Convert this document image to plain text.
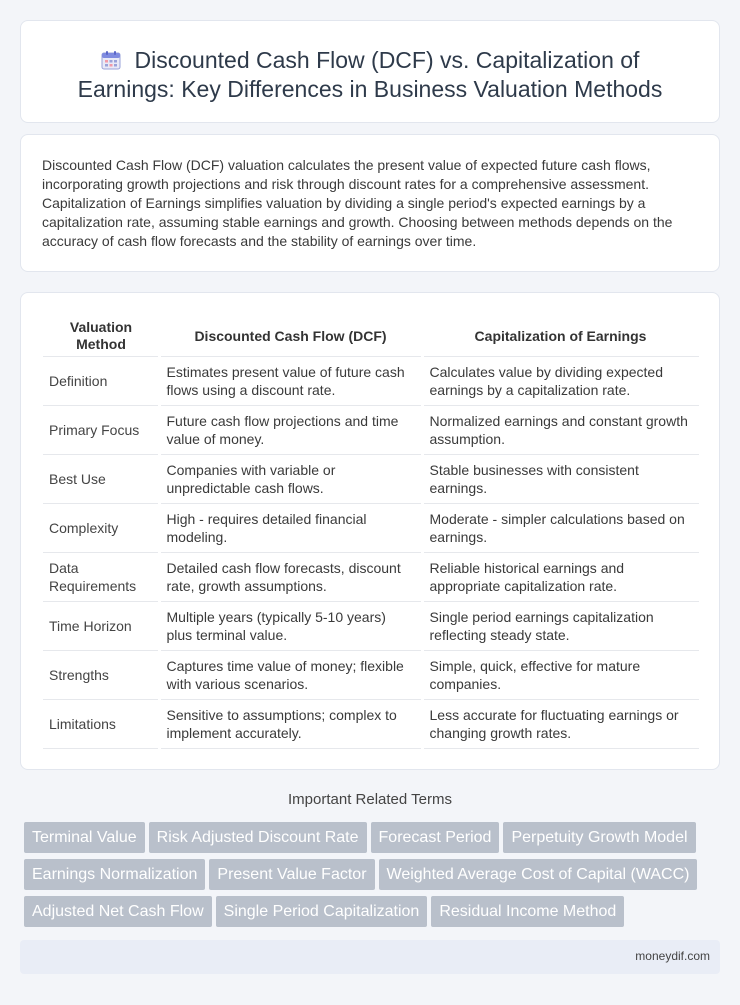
Discounted Cash Flow (DCF) vs. Capitalization of Earnings: Key Differences in Business Valuation Methods

Discounted Cash Flow (DCF) valuation calculates the present value of expected future cash flows, incorporating growth projections and risk through discount rates for a comprehensive assessment. Capitalization of Earnings simplifies valuation by dividing a single period's expected earnings by a capitalization rate, assuming stable earnings and growth. Choosing between methods depends on the accuracy of cash flow forecasts and the stability of earnings over time.

Valuation Method	Discounted Cash Flow (DCF)	Capitalization of Earnings
Definition	Estimates present value of future cash flows using a discount rate.	Calculates value by dividing expected earnings by a capitalization rate.
Primary Focus	Future cash flow projections and time value of money.	Normalized earnings and constant growth assumption.
Best Use	Companies with variable or unpredictable cash flows.	Stable businesses with consistent earnings.
Complexity	High - requires detailed financial modeling.	Moderate - simpler calculations based on earnings.
Data Requirements	Detailed cash flow forecasts, discount rate, growth assumptions.	Reliable historical earnings and appropriate capitalization rate.
Time Horizon	Multiple years (typically 5-10 years) plus terminal value.	Single period earnings capitalization reflecting steady state.
Strengths	Captures time value of money; flexible with various scenarios.	Simple, quick, effective for mature companies.
Limitations	Sensitive to assumptions; complex to implement accurately.	Less accurate for fluctuating earnings or changing growth rates.
Important Related Terms
Terminal Value Risk Adjusted Discount Rate Forecast Period Perpetuity Growth Model
Earnings Normalization Present Value Factor Weighted Average Cost of Capital (WACC)
Adjusted Net Cash Flow Single Period Capitalization Residual Income Method
moneydif.com
